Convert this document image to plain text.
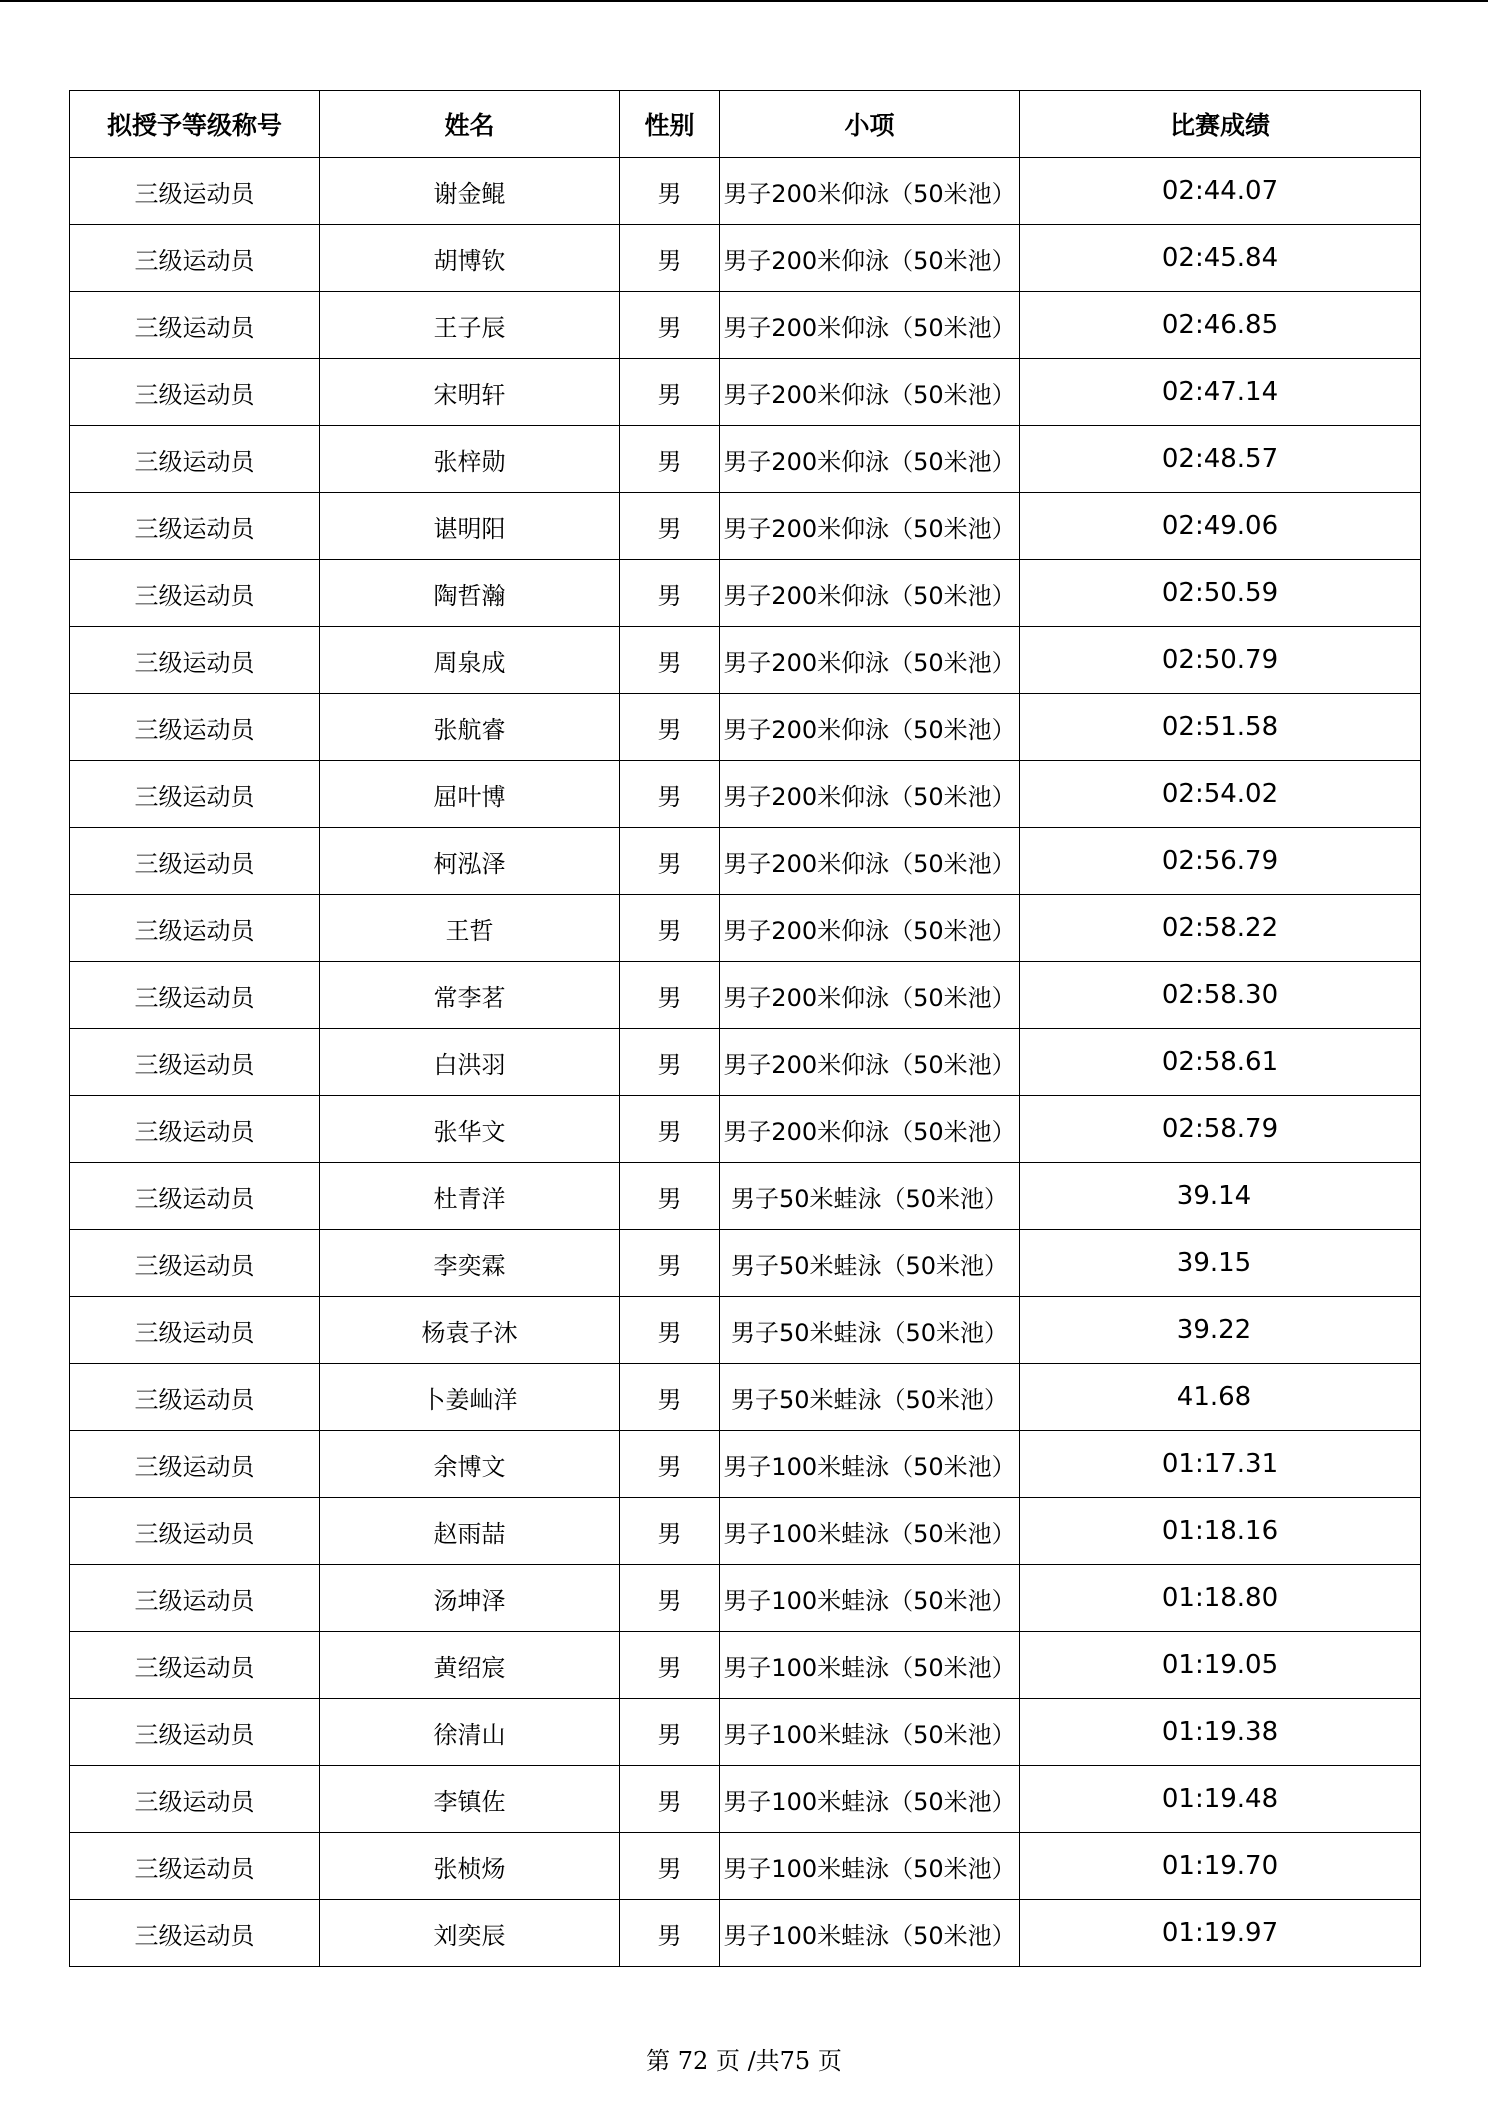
拟授予等级称号	姓名	性别	小项	比赛成绩
三级运动员	谢金鲲	男	男子200米仰泳（50米池）	02:44.07
三级运动员	胡博钦	男	男子200米仰泳（50米池）	02:45.84
三级运动员	王子辰	男	男子200米仰泳（50米池）	02:46.85
三级运动员	宋明轩	男	男子200米仰泳（50米池）	02:47.14
三级运动员	张梓勋	男	男子200米仰泳（50米池）	02:48.57
三级运动员	谌明阳	男	男子200米仰泳（50米池）	02:49.06
三级运动员	陶哲瀚	男	男子200米仰泳（50米池）	02:50.59
三级运动员	周泉成	男	男子200米仰泳（50米池）	02:50.79
三级运动员	张航睿	男	男子200米仰泳（50米池）	02:51.58
三级运动员	屈叶博	男	男子200米仰泳（50米池）	02:54.02
三级运动员	柯泓泽	男	男子200米仰泳（50米池）	02:56.79
三级运动员	王哲	男	男子200米仰泳（50米池）	02:58.22
三级运动员	常李茗	男	男子200米仰泳（50米池）	02:58.30
三级运动员	白洪羽	男	男子200米仰泳（50米池）	02:58.61
三级运动员	张华文	男	男子200米仰泳（50米池）	02:58.79
三级运动员	杜青洋	男	男子50米蛙泳（50米池）	39.14
三级运动员	李奕霖	男	男子50米蛙泳（50米池）	39.15
三级运动员	杨袁子沐	男	男子50米蛙泳（50米池）	39.22
三级运动员	卜姜屾洋	男	男子50米蛙泳（50米池）	41.68
三级运动员	余博文	男	男子100米蛙泳（50米池）	01:17.31
三级运动员	赵雨喆	男	男子100米蛙泳（50米池）	01:18.16
三级运动员	汤坤泽	男	男子100米蛙泳（50米池）	01:18.80
三级运动员	黄绍宸	男	男子100米蛙泳（50米池）	01:19.05
三级运动员	徐清山	男	男子100米蛙泳（50米池）	01:19.38
三级运动员	李镇佐	男	男子100米蛙泳（50米池）	01:19.48
三级运动员	张桢炀	男	男子100米蛙泳（50米池）	01:19.70
三级运动员	刘奕辰	男	男子100米蛙泳（50米池）	01:19.97
第 72 页 /共75 页
